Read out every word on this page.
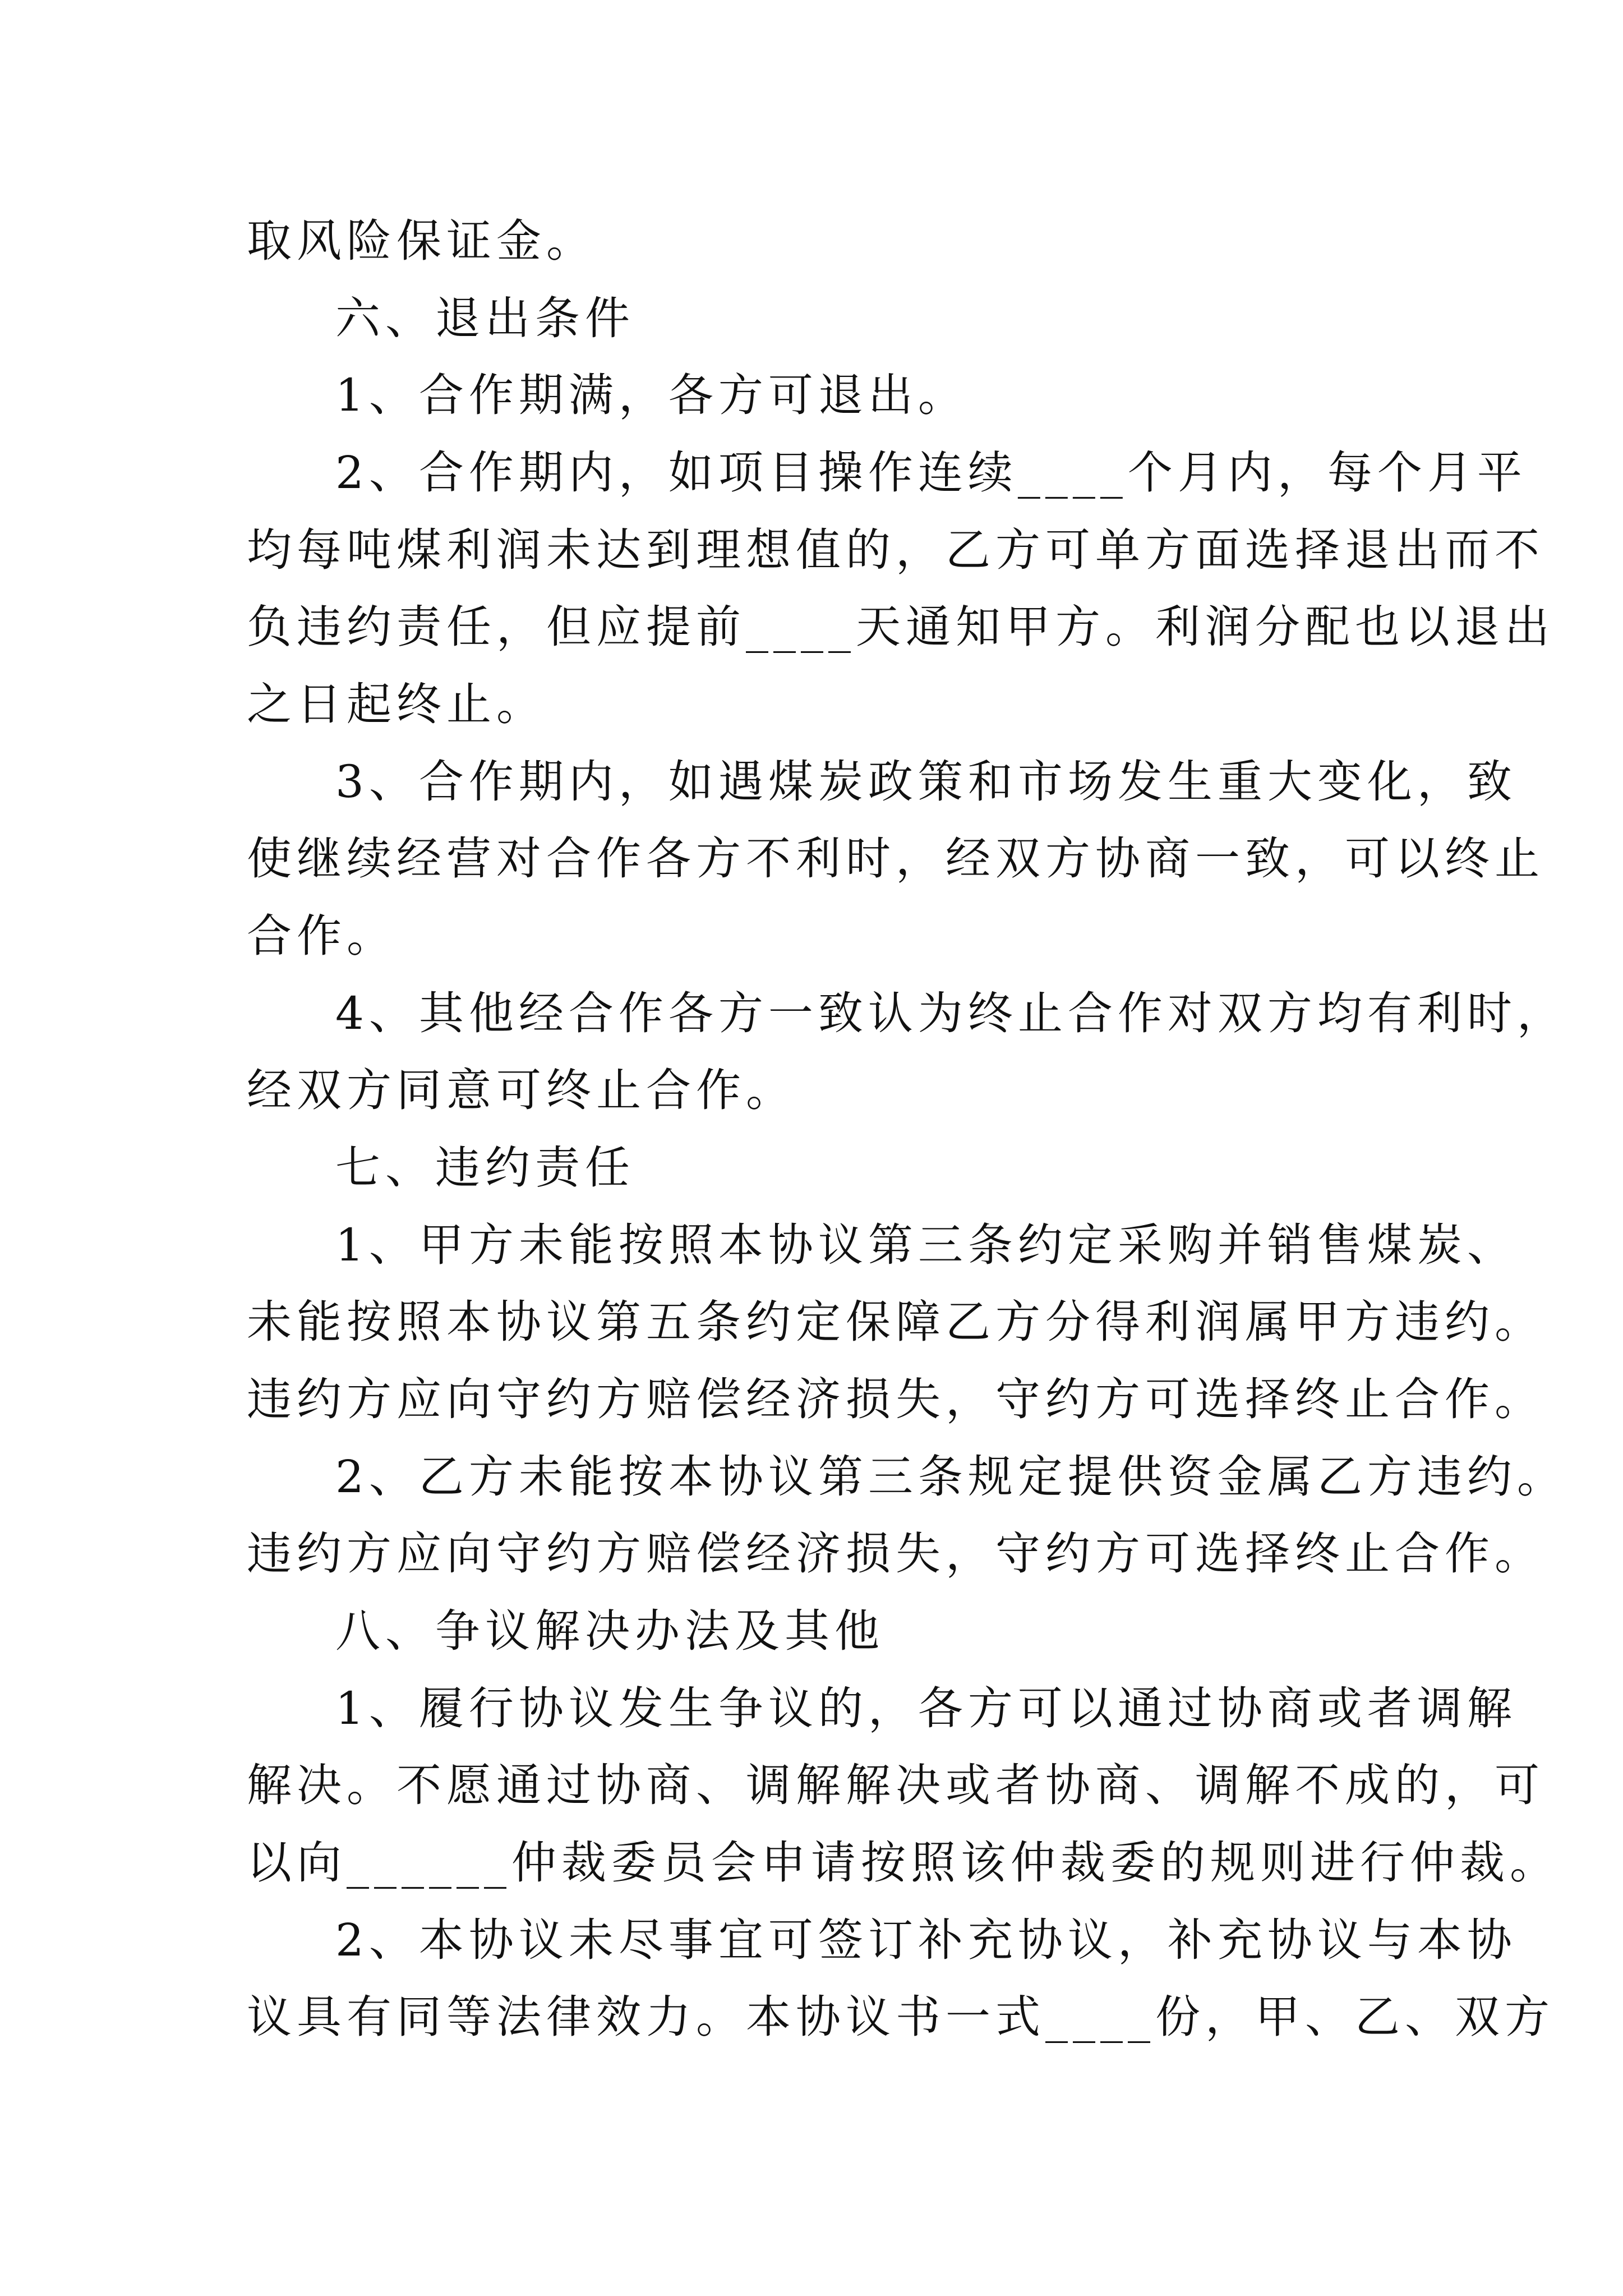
取风险保证金。

六、退出条件

1、合作期满，各方可退出。

2、合作期内，如项目操作连续____个月内，每个月平

均每吨煤利润未达到理想值的，乙方可单方面选择退出而不

负违约责任，但应提前____天通知甲方。利润分配也以退出

之日起终止。

3、合作期内，如遇煤炭政策和市场发生重大变化，致

使继续经营对合作各方不利时，经双方协商一致，可以终止

合作。

4、其他经合作各方一致认为终止合作对双方均有利时，

经双方同意可终止合作。

七、违约责任

1、甲方未能按照本协议第三条约定采购并销售煤炭、

未能按照本协议第五条约定保障乙方分得利润属甲方违约。

违约方应向守约方赔偿经济损失，守约方可选择终止合作。

2、乙方未能按本协议第三条规定提供资金属乙方违约。

违约方应向守约方赔偿经济损失，守约方可选择终止合作。

八、争议解决办法及其他

1、履行协议发生争议的，各方可以通过协商或者调解

解决。不愿通过协商、调解解决或者协商、调解不成的，可

以向______仲裁委员会申请按照该仲裁委的规则进行仲裁。

2、本协议未尽事宜可签订补充协议，补充协议与本协

议具有同等法律效力。本协议书一式____份，甲、乙、双方
